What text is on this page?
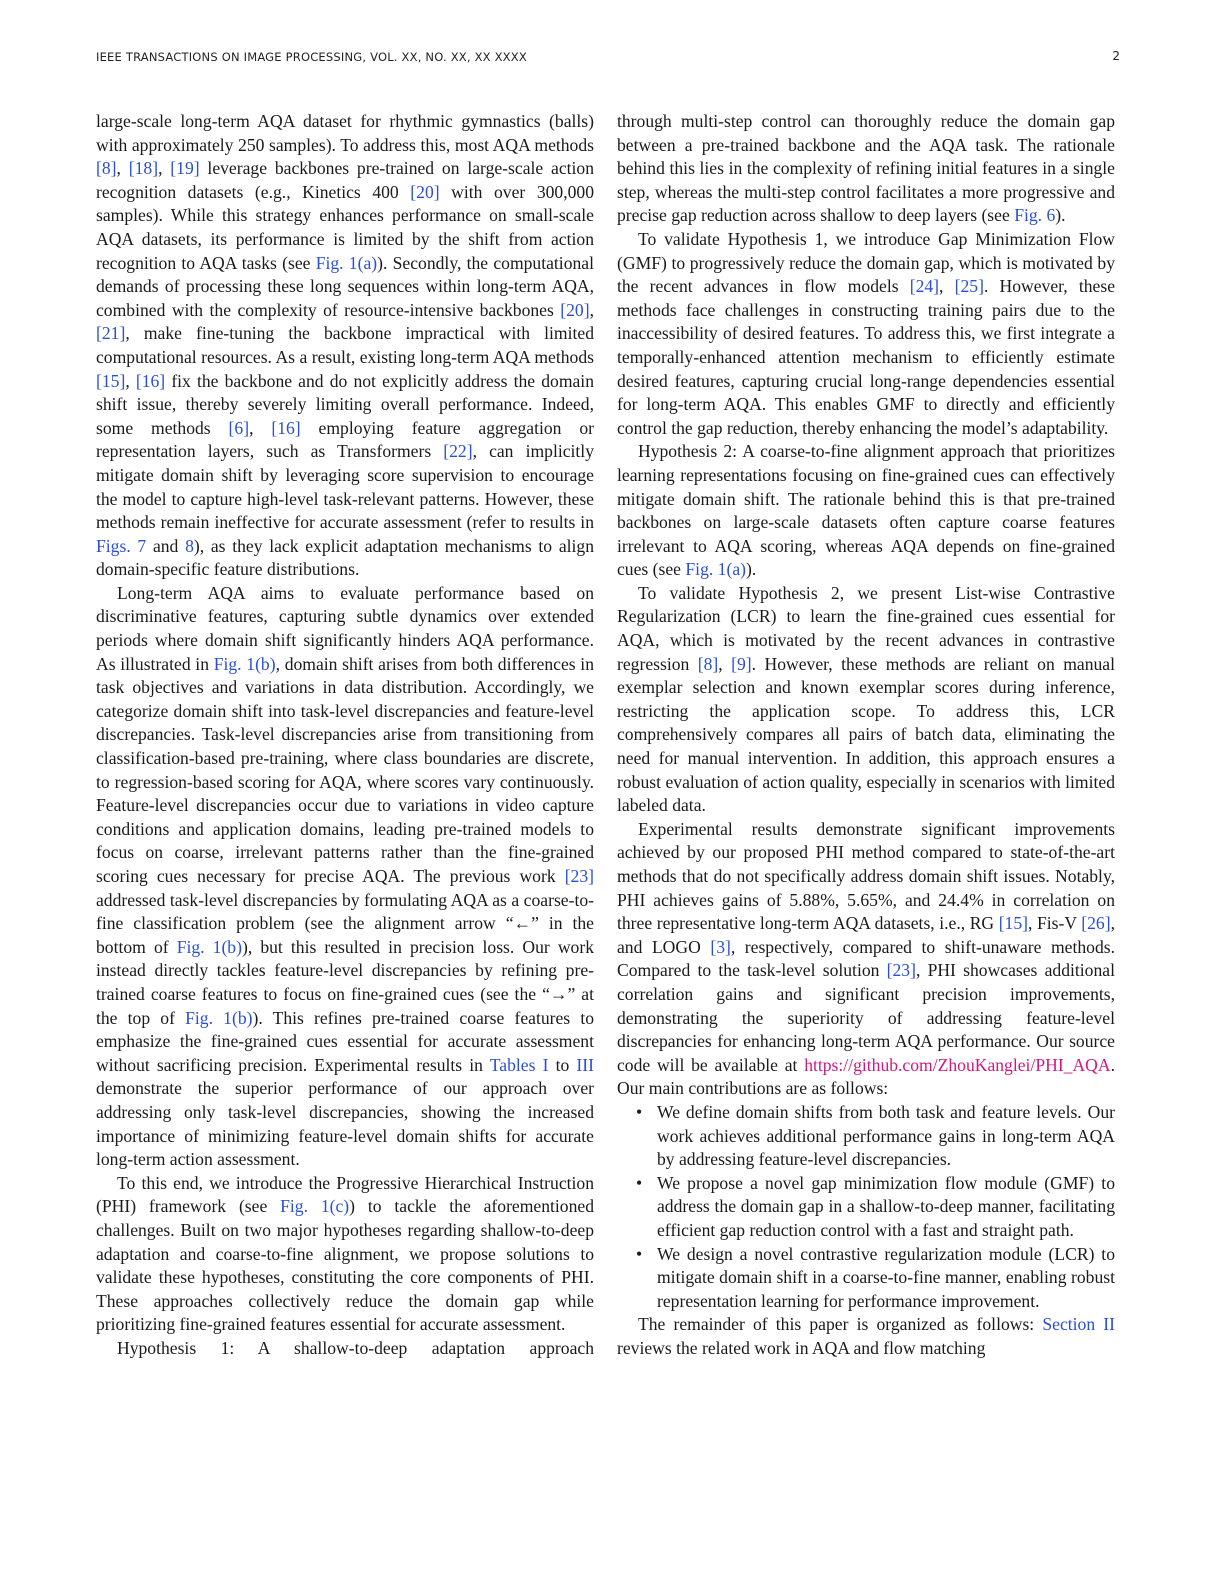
IEEE TRANSACTIONS ON IMAGE PROCESSING, VOL. XX, NO. XX, XX XXXX	2

large-scale long-term AQA dataset for rhythmic gymnastics (balls) with approximately 250 samples). To address this, most AQA methods [8], [18], [19] leverage backbones pre-trained on large-scale action recognition datasets (e.g., Kinetics 400 [20] with over 300,000 samples). While this strategy enhances performance on small-scale AQA datasets, its performance is limited by the shift from action recognition to AQA tasks (see Fig. 1(a)). Secondly, the computational demands of processing these long sequences within long-term AQA, combined with the complexity of resource-intensive backbones [20], [21], make fine-tuning the backbone impractical with limited computational resources. As a result, existing long-term AQA methods [15], [16] fix the backbone and do not explicitly address the domain shift issue, thereby severely limiting overall performance. Indeed, some methods [6], [16] employing feature aggregation or representation layers, such as Transformers [22], can implicitly mitigate domain shift by leveraging score supervision to encourage the model to capture high-level task-relevant patterns. However, these methods remain ineffective for accurate assessment (refer to results in Figs. 7 and 8), as they lack explicit adaptation mechanisms to align domain-specific feature distributions.

Long-term AQA aims to evaluate performance based on discriminative features, capturing subtle dynamics over extended periods where domain shift significantly hinders AQA performance. As illustrated in Fig. 1(b), domain shift arises from both differences in task objectives and variations in data distribution. Accordingly, we categorize domain shift into task-level discrepancies and feature-level discrepancies. Task-level discrepancies arise from transitioning from classification-based pre-training, where class boundaries are discrete, to regression-based scoring for AQA, where scores vary continuously. Feature-level discrepancies occur due to variations in video capture conditions and application domains, leading pre-trained models to focus on coarse, irrelevant patterns rather than the fine-grained scoring cues necessary for precise AQA. The previous work [23] addressed task-level discrepancies by formulating AQA as a coarse-to-fine classification problem (see the alignment arrow “←” in the bottom of Fig. 1(b)), but this resulted in precision loss. Our work instead directly tackles feature-level discrepancies by refining pre-trained coarse features to focus on fine-grained cues (see the “→” at the top of Fig. 1(b)). This refines pre-trained coarse features to emphasize the fine-grained cues essential for accurate assessment without sacrificing precision. Experimental results in Tables I to III demonstrate the superior performance of our approach over addressing only task-level discrepancies, showing the increased importance of minimizing feature-level domain shifts for accurate long-term action assessment.

To this end, we introduce the Progressive Hierarchical Instruction (PHI) framework (see Fig. 1(c)) to tackle the aforementioned challenges. Built on two major hypotheses regarding shallow-to-deep adaptation and coarse-to-fine alignment, we propose solutions to validate these hypotheses, constituting the core components of PHI. These approaches collectively reduce the domain gap while prioritizing fine-grained features essential for accurate assessment.

Hypothesis 1: A shallow-to-deep adaptation approach

through multi-step control can thoroughly reduce the domain gap between a pre-trained backbone and the AQA task. The rationale behind this lies in the complexity of refining initial features in a single step, whereas the multi-step control facilitates a more progressive and precise gap reduction across shallow to deep layers (see Fig. 6).

To validate Hypothesis 1, we introduce Gap Minimization Flow (GMF) to progressively reduce the domain gap, which is motivated by the recent advances in flow models [24], [25]. However, these methods face challenges in constructing training pairs due to the inaccessibility of desired features. To address this, we first integrate a temporally-enhanced attention mechanism to efficiently estimate desired features, capturing crucial long-range dependencies essential for long-term AQA. This enables GMF to directly and efficiently control the gap reduction, thereby enhancing the model’s adaptability.

Hypothesis 2: A coarse-to-fine alignment approach that prioritizes learning representations focusing on fine-grained cues can effectively mitigate domain shift. The rationale behind this is that pre-trained backbones on large-scale datasets often capture coarse features irrelevant to AQA scoring, whereas AQA depends on fine-grained cues (see Fig. 1(a)).

To validate Hypothesis 2, we present List-wise Contrastive Regularization (LCR) to learn the fine-grained cues essential for AQA, which is motivated by the recent advances in contrastive regression [8], [9]. However, these methods are reliant on manual exemplar selection and known exemplar scores during inference, restricting the application scope. To address this, LCR comprehensively compares all pairs of batch data, eliminating the need for manual intervention. In addition, this approach ensures a robust evaluation of action quality, especially in scenarios with limited labeled data.

Experimental results demonstrate significant improvements achieved by our proposed PHI method compared to state-of-the-art methods that do not specifically address domain shift issues. Notably, PHI achieves gains of 5.88%, 5.65%, and 24.4% in correlation on three representative long-term AQA datasets, i.e., RG [15], Fis-V [26], and LOGO [3], respectively, compared to shift-unaware methods. Compared to the task-level solution [23], PHI showcases additional correlation gains and significant precision improvements, demonstrating the superiority of addressing feature-level discrepancies for enhancing long-term AQA performance. Our source code will be available at https://github.com/ZhouKanglei/PHI_AQA. Our main contributions are as follows:

• We define domain shifts from both task and feature levels. Our work achieves additional performance gains in long-term AQA by addressing feature-level discrepancies.
• We propose a novel gap minimization flow module (GMF) to address the domain gap in a shallow-to-deep manner, facilitating efficient gap reduction control with a fast and straight path.
• We design a novel contrastive regularization module (LCR) to mitigate domain shift in a coarse-to-fine manner, enabling robust representation learning for performance improvement.

The remainder of this paper is organized as follows: Section II reviews the related work in AQA and flow matching
